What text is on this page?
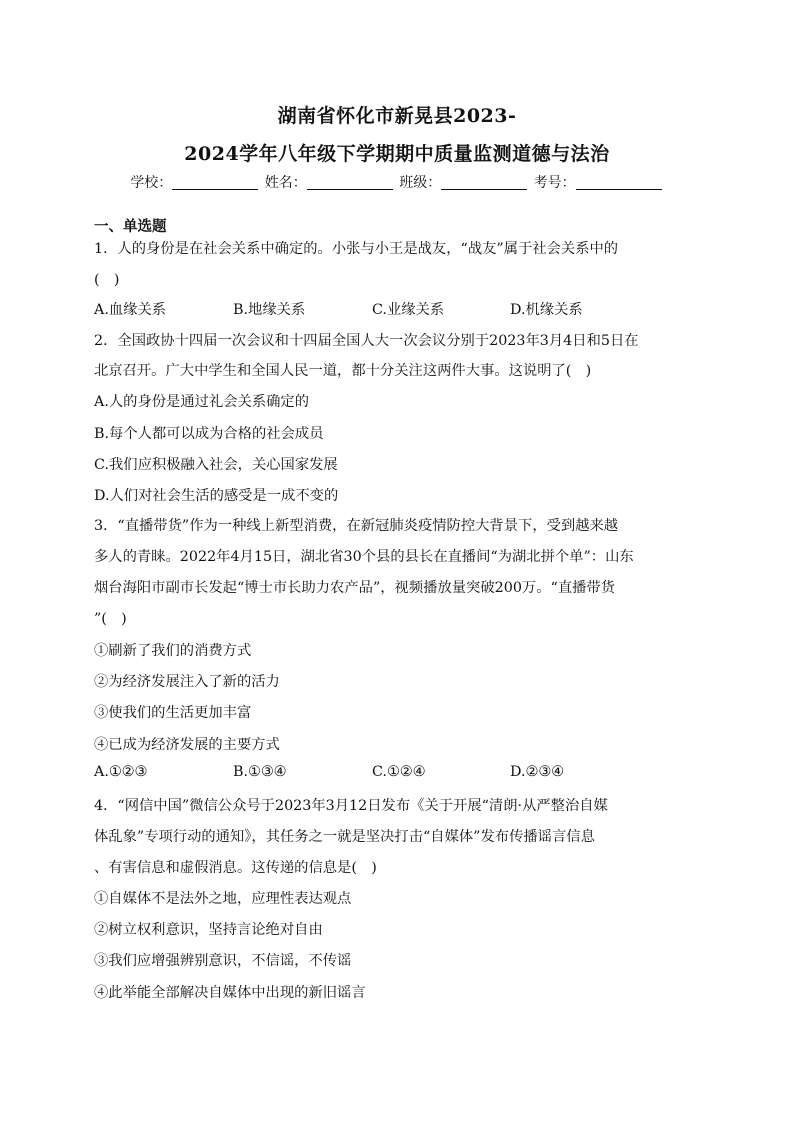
湖南省怀化市新晃县2023-
2024学年八年级下学期期中质量监测道德与法治
学校：	姓名：	班级：	考号：
一、单选题
1．人的身份是在社会关系中确定的。小张与小王是战友，“战友”属于社会关系中的
(　)
A.血缘关系	B.地缘关系	C.业缘关系	D.机缘关系
2．全国政协十四届一次会议和十四届全国人大一次会议分别于2023年3月4日和5日在
北京召开。广大中学生和全国人民一道，都十分关注这两件大事。这说明了(　)
A.人的身份是通过礼会关系确定的
B.每个人都可以成为合格的社会成员
C.我们应积极融入社会，关心国家发展
D.人们对社会生活的感受是一成不变的
3．“直播带货”作为一种线上新型消费，在新冠肺炎疫情防控大背景下，受到越来越
多人的青睐。2022年4月15日，湖北省30个县的县长在直播间“为湖北拼个单”：山东
烟台海阳市副市长发起“博士市长助力农产品”，视频播放量突破200万。“直播带货
”(　)
①刷新了我们的消费方式
②为经济发展注入了新的活力
③使我们的生活更加丰富
④已成为经济发展的主要方式
A.①②③	B.①③④	C.①②④	D.②③④
4．“网信中国”微信公众号于2023年3月12日发布《关于开展“清朗·从严整治自媒
体乱象”专项行动的通知》，其任务之一就是坚决打击“自媒体”发布传播谣言信息
、有害信息和虚假消息。这传递的信息是(　)
①自媒体不是法外之地，应理性表达观点
②树立权利意识，坚持言论绝对自由
③我们应增强辨别意识，不信谣，不传谣
④此举能全部解决自媒体中出现的新旧谣言
